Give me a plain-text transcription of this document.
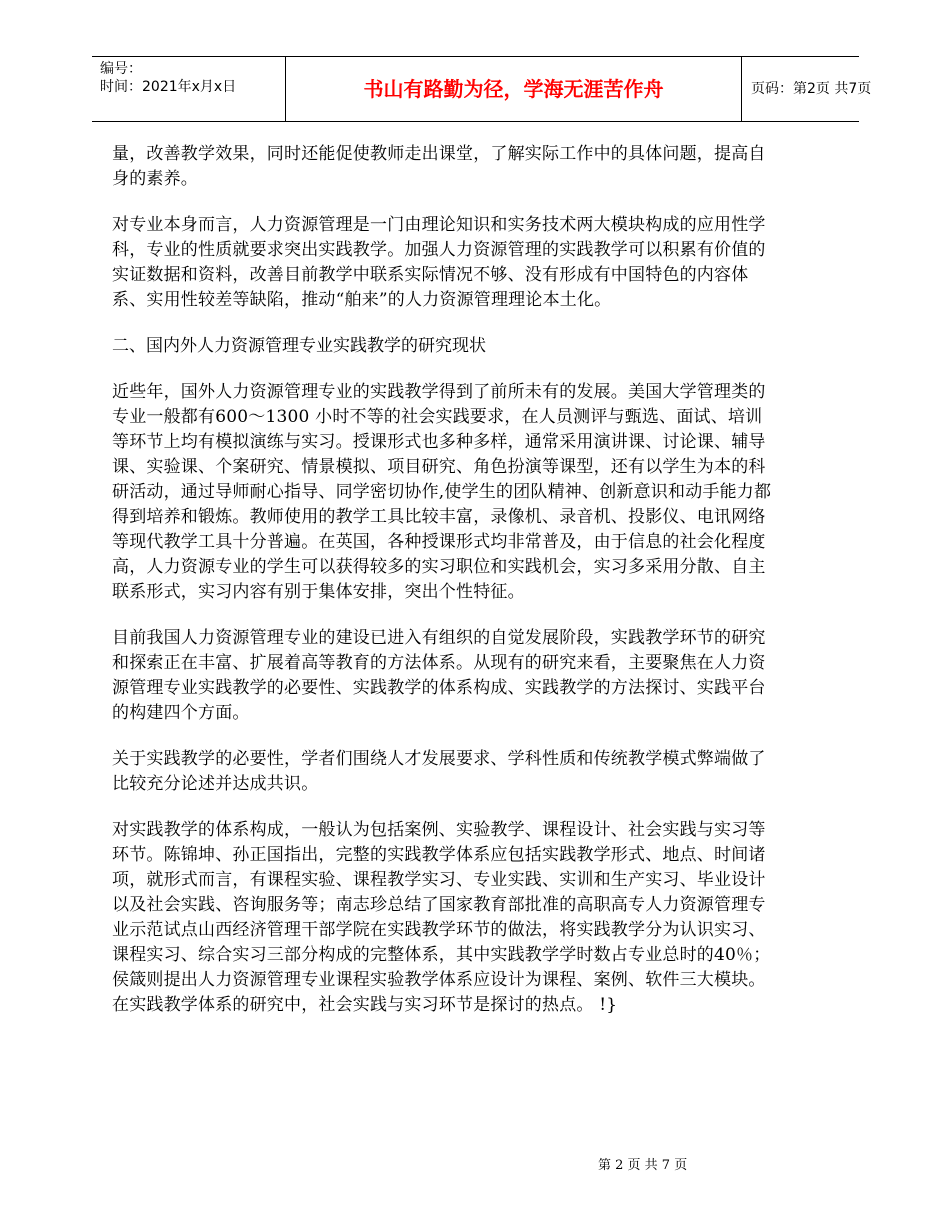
编号：
时间：2021年x月x日	书山有路勤为径，学海无涯苦作舟	页码：第2页 共7页

量，改善教学效果，同时还能促使教师走出课堂，了解实际工作中的具体问题，提高自身的素养。

对专业本身而言，人力资源管理是一门由理论知识和实务技术两大模块构成的应用性学科，专业的性质就要求突出实践教学。加强人力资源管理的实践教学可以积累有价值的实证数据和资料，改善目前教学中联系实际情况不够、没有形成有中国特色的内容体系、实用性较差等缺陷，推动“舶来”的人力资源管理理论本土化。

二、国内外人力资源管理专业实践教学的研究现状

近些年，国外人力资源管理专业的实践教学得到了前所未有的发展。美国大学管理类的专业一般都有600～1300 小时不等的社会实践要求，在人员测评与甄选、面试、培训等环节上均有模拟演练与实习。授课形式也多种多样，通常采用演讲课、讨论课、辅导课、实验课、个案研究、情景模拟、项目研究、角色扮演等课型，还有以学生为本的科研活动，通过导师耐心指导、同学密切协作,使学生的团队精神、创新意识和动手能力都得到培养和锻炼。教师使用的教学工具比较丰富，录像机、录音机、投影仪、电讯网络等现代教学工具十分普遍。在英国，各种授课形式均非常普及，由于信息的社会化程度高，人力资源专业的学生可以获得较多的实习职位和实践机会，实习多采用分散、自主联系形式，实习内容有别于集体安排，突出个性特征。

目前我国人力资源管理专业的建设已进入有组织的自觉发展阶段，实践教学环节的研究和探索正在丰富、扩展着高等教育的方法体系。从现有的研究来看，主要聚焦在人力资源管理专业实践教学的必要性、实践教学的体系构成、实践教学的方法探讨、实践平台的构建四个方面。

关于实践教学的必要性，学者们围绕人才发展要求、学科性质和传统教学模式弊端做了比较充分论述并达成共识。

对实践教学的体系构成，一般认为包括案例、实验教学、课程设计、社会实践与实习等环节。陈锦坤、孙正国指出，完整的实践教学体系应包括实践教学形式、地点、时间诸项，就形式而言，有课程实验、课程教学实习、专业实践、实训和生产实习、毕业设计以及社会实践、咨询服务等；南志珍总结了国家教育部批准的高职高专人力资源管理专业示范试点山西经济管理干部学院在实践教学环节的做法，将实践教学分为认识实习、课程实习、综合实习三部分构成的完整体系，其中实践教学学时数占专业总时的40％；侯箴则提出人力资源管理专业课程实验教学体系应设计为课程、案例、软件三大模块。在实践教学体系的研究中，社会实践与实习环节是探讨的热点。 !}

第 2 页 共 7 页
